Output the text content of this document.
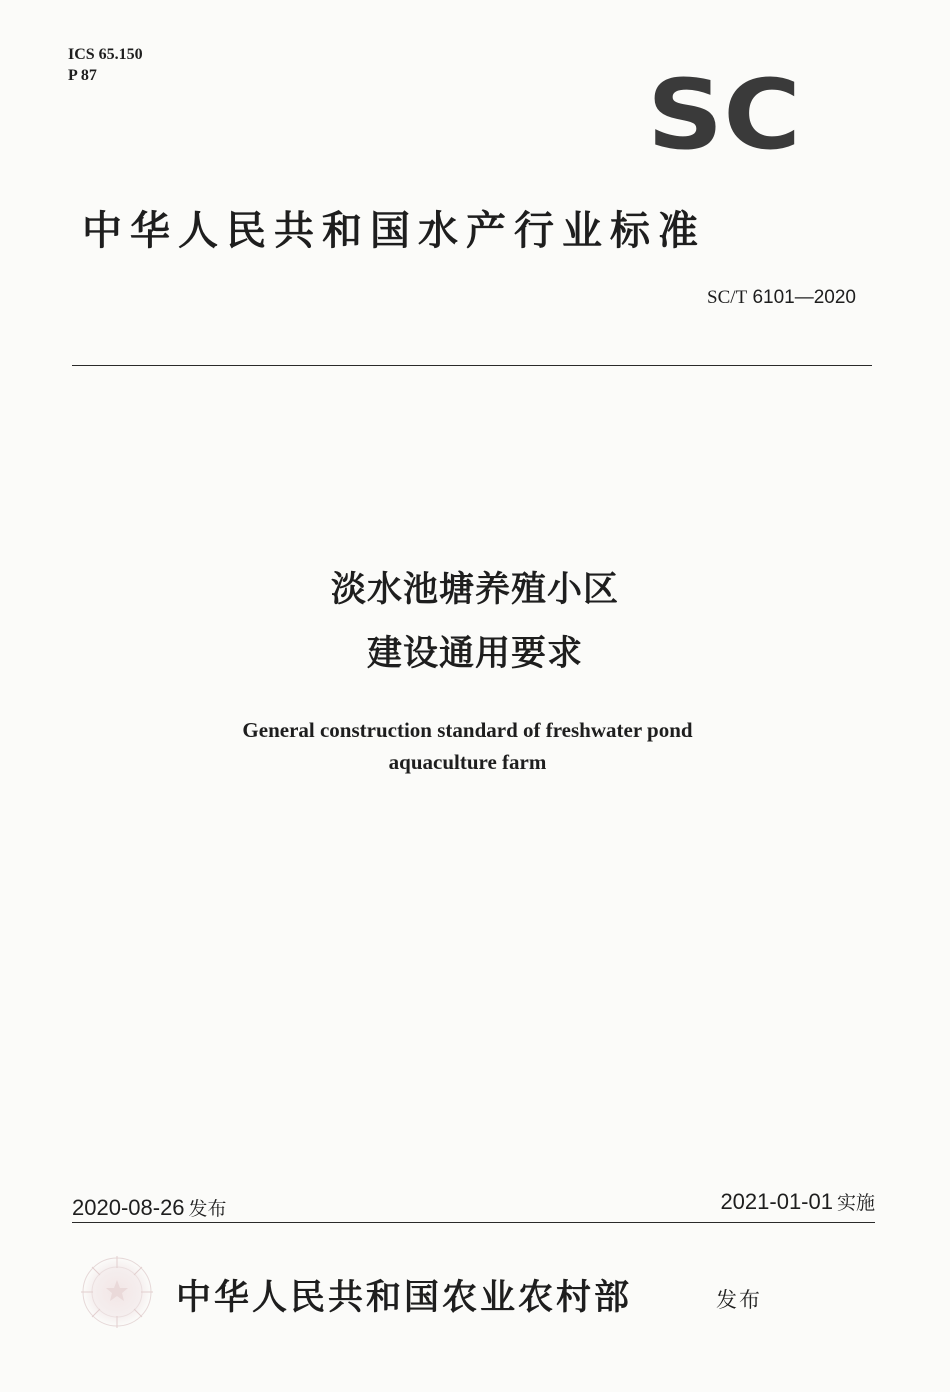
ICS 65.150
P 87	SC
中华人民共和国水产行业标准
SC/T 6101—2020
淡水池塘养殖小区
建设通用要求
General construction standard of freshwater pond
aquaculture farm
2020-08-26 发布	2021-01-01 实施
中华人民共和国农业农村部	发布
